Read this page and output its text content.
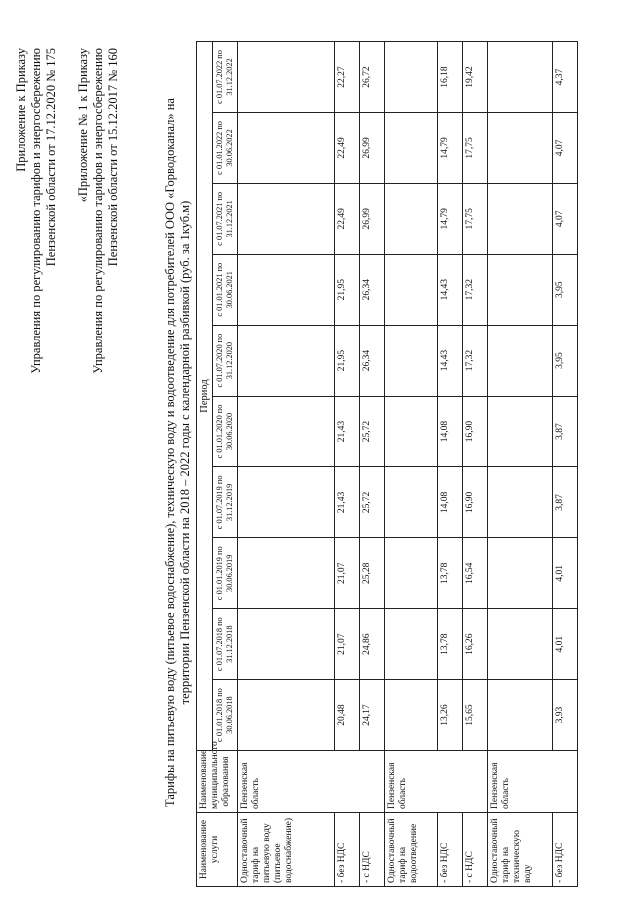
Приложение к Приказу Управления по регулированию тарифов и энергосбережению Пензенской области от 17.12.2020 № 175 «Приложение № 1 к Приказу Управления по регулированию тарифов и энергосбережению Пензенской области от 15.12.2017 № 160	Тарифы на питьевую воду (питьевое водоснабжение), техническую воду и водоотведение для потребителей ООО «Горводоканал» на территории Пензенской области на 2018 – 2022 годы с календарной разбивкой (руб. за 1куб.м)
Наименование услуги	Наименование муниципального образования	Период									
		с 01.01.2018 по 30.06.2018	с 01.07.2018 по 31.12.2018	с 01.01.2019 по 30.06.2019	с 01.07.2019 по 31.12.2019	с 01.01.2020 по 30.06.2020	с 01.07.2020 по 31.12.2020	с 01.01.2021 по 30.06.2021	с 01.07.2021 по 31.12.2021	с 01.01.2022 по 30.06.2022	с 01.07.2022 по 31.12.2022
Одноставочный тариф на питьевую воду (питьевое водоснабжение)	Пензенская область										
- без НДС		20,48	21,07	21,07	21,43	21,43	21,95	21,95	22,49	22,49	22,27
- с НДС		24,17	24,86	25,28	25,72	25,72	26,34	26,34	26,99	26,99	26,72
Одноставочный тариф на водоотведение	Пензенская область										
- без НДС		13,26	13,78	13,78	14,08	14,08	14,43	14,43	14,79	14,79	16,18
- с НДС		15,65	16,26	16,54	16,90	16,90	17,32	17,32	17,75	17,75	19,42
Одноставочный тариф на техническую воду	Пензенская область										
- без НДС		3,93	4,01	4,01	3,87	3,87	3,95	3,95	4,07	4,07	4,37
